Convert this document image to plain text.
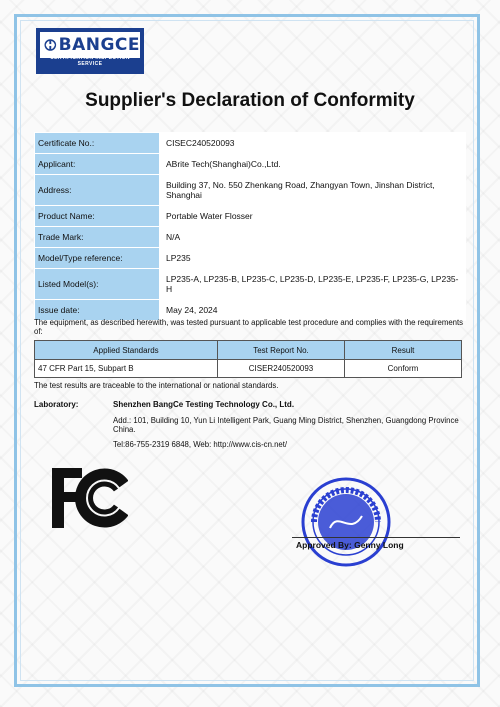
BANGCE
CERTIFICATION INSPECTION SERVICE
Supplier's Declaration of Conformity
Certificate No.:	CISEC240520093
Applicant:	ABrite Tech(Shanghai)Co.,Ltd.
Address:	Building 37, No. 550 Zhenkang Road, Zhangyan Town, Jinshan District, Shanghai
Product Name:	Portable Water Flosser
Trade Mark:	N/A
Model/Type reference:	LP235
Listed Model(s):	LP235-A, LP235-B, LP235-C, LP235-D, LP235-E, LP235-F, LP235-G, LP235-H
Issue date:	May 24, 2024
The equipment, as described herewith, was tested pursuant to applicable test procedure and complies with the requirements of:
Applied Standards	Test Report No.	Result
47 CFR Part 15, Subpart B	CISER240520093	Conform
The test results are traceable to the international or national standards.
Laboratory:	Shenzhen BangCe Testing Technology Co., Ltd.
Add.: 101, Building 10, Yun Li Intelligent Park, Guang Ming District, Shenzhen, Guangdong Province China.
Tel:86-755-2319 6848, Web: http://www.cis-cn.net/
Approved By: Genny Long
